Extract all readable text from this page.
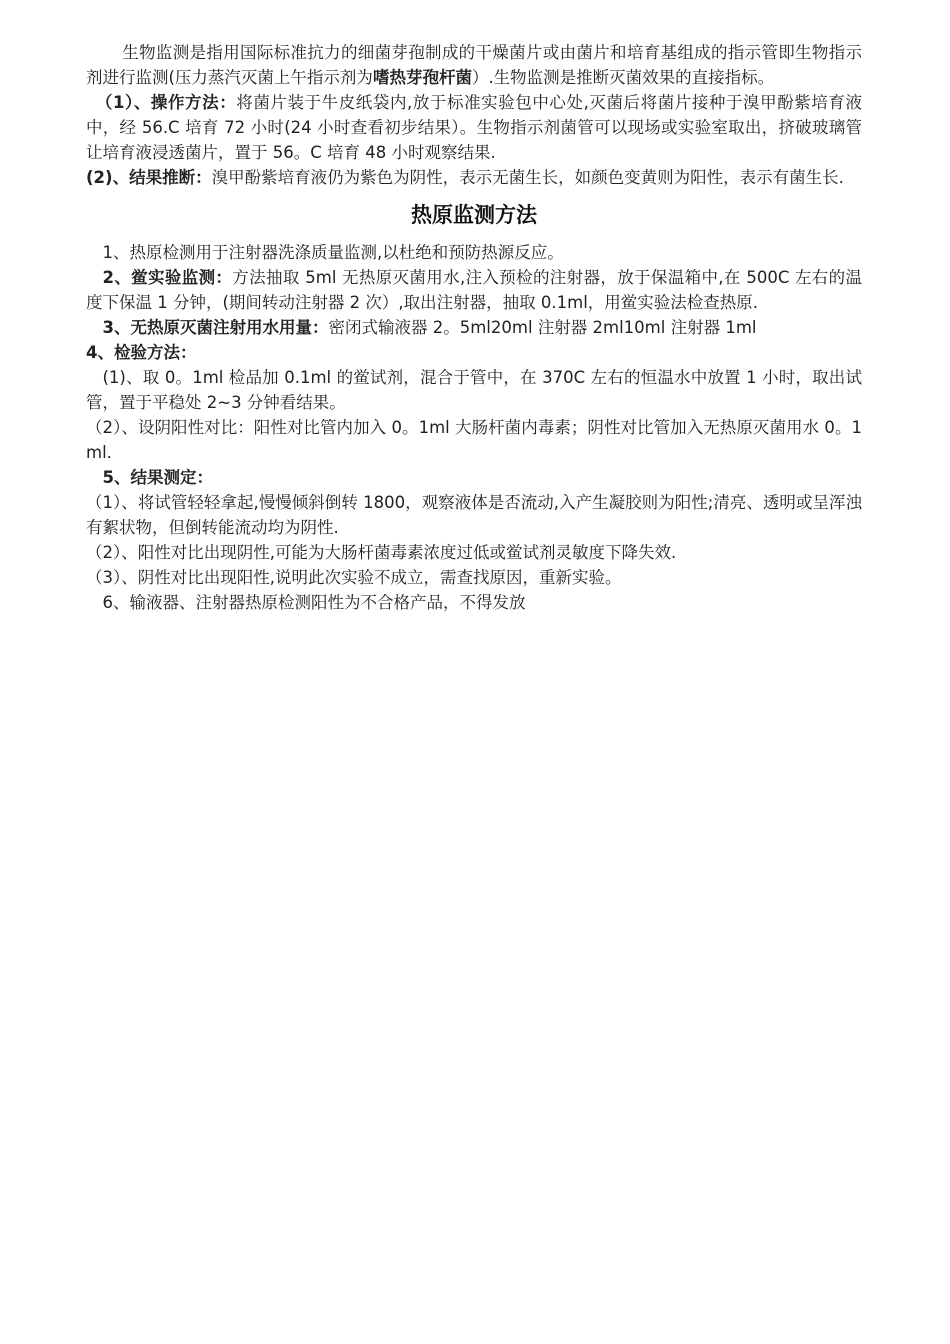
生物监测是指用国际标准抗力的细菌芽孢制成的干燥菌片或由菌片和培育基组成的指示管即生物指示剂进行监测(压力蒸汽灭菌上午指示剂为嗜热芽孢杆菌）.生物监测是推断灭菌效果的直接指标。

（1）、操作方法：将菌片装于牛皮纸袋内,放于标准实验包中心处,灭菌后将菌片接种于溴甲酚紫培育液中，经 56.C 培育 72 小时(24 小时查看初步结果）。生物指示剂菌管可以现场或实验室取出，挤破玻璃管让培育液浸透菌片，置于 56。C 培育 48 小时观察结果.

(2)、结果推断：溴甲酚紫培育液仍为紫色为阴性，表示无菌生长，如颜色变黄则为阳性，表示有菌生长.

热原监测方法

1、热原检测用于注射器洗涤质量监测,以杜绝和预防热源反应。

2、鲎实验监测：方法抽取 5ml 无热原灭菌用水,注入预检的注射器，放于保温箱中,在 500C 左右的温度下保温 1 分钟，(期间转动注射器 2 次）,取出注射器，抽取 0.1ml，用鲎实验法检查热原.

3、无热原灭菌注射用水用量：密闭式输液器 2。5ml20ml 注射器 2ml10ml 注射器 1ml

4、检验方法：

(1)、取 0。1ml 检品加 0.1ml 的鲎试剂，混合于管中，在 370C 左右的恒温水中放置 1 小时，取出试管，置于平稳处 2~3 分钟看结果。

（2）、设阴阳性对比：阳性对比管内加入 0。1ml 大肠杆菌内毒素；阴性对比管加入无热原灭菌用水 0。1ml.

5、结果测定：

（1）、将试管轻轻拿起,慢慢倾斜倒转 1800，观察液体是否流动,入产生凝胶则为阳性;清亮、透明或呈浑浊有絮状物，但倒转能流动均为阴性.

（2）、阳性对比出现阴性,可能为大肠杆菌毒素浓度过低或鲎试剂灵敏度下降失效.

（3）、阴性对比出现阳性,说明此次实验不成立，需查找原因，重新实验。

6、输液器、注射器热原检测阳性为不合格产品，不得发放
